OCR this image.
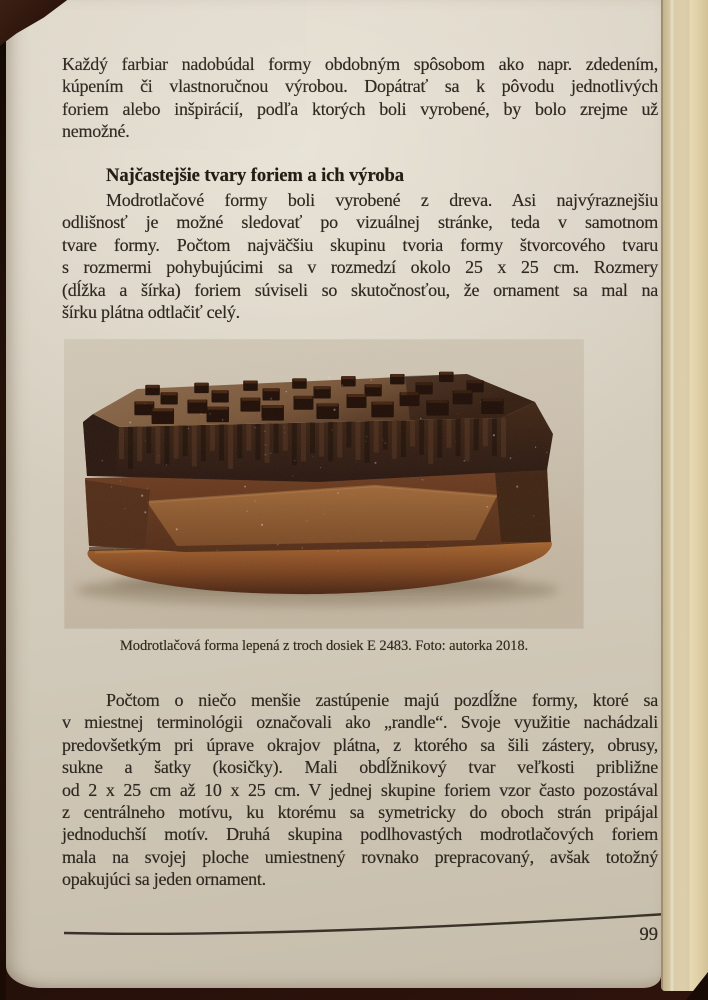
Každý farbiar nadobúdal formy obdobným spôsobom ako napr. zdedením,
kúpením či vlastnoručnou výrobou. Dopátrať sa k pôvodu jednotlivých
foriem alebo inšpirácií, podľa ktorých boli vyrobené, by bolo zrejme už
nemožné.
Najčastejšie tvary foriem a ich výroba
Modrotlačové formy boli vyrobené z dreva. Asi najvýraznejšiu
odlišnosť je možné sledovať po vizuálnej stránke, teda v samotnom
tvare formy. Počtom najväčšiu skupinu tvoria formy štvorcového tvaru
s rozmermi pohybujúcimi sa v rozmedzí okolo 25 x 25 cm. Rozmery
(dĺžka a šírka) foriem súviseli so skutočnosťou, že ornament sa mal na
šírku plátna odtlačiť celý.
Modrotlačová forma lepená z troch dosiek E 2483. Foto: autorka 2018.
Počtom o niečo menšie zastúpenie majú pozdĺžne formy, ktoré sa
v miestnej terminológii označovali ako „randle“. Svoje využitie nachádzali
predovšetkým pri úprave okrajov plátna, z ktorého sa šili zástery, obrusy,
sukne a šatky (kosičky). Mali obdĺžnikový tvar veľkosti približne
od 2 x 25 cm až 10 x 25 cm. V jednej skupine foriem vzor často pozostával
z centrálneho motívu, ku ktorému sa symetricky do oboch strán pripájal
jednoduchší motív. Druhá skupina podlhovastých modrotlačových foriem
mala na svojej ploche umiestnený rovnako prepracovaný, avšak totožný
opakujúci sa jeden ornament.
99
